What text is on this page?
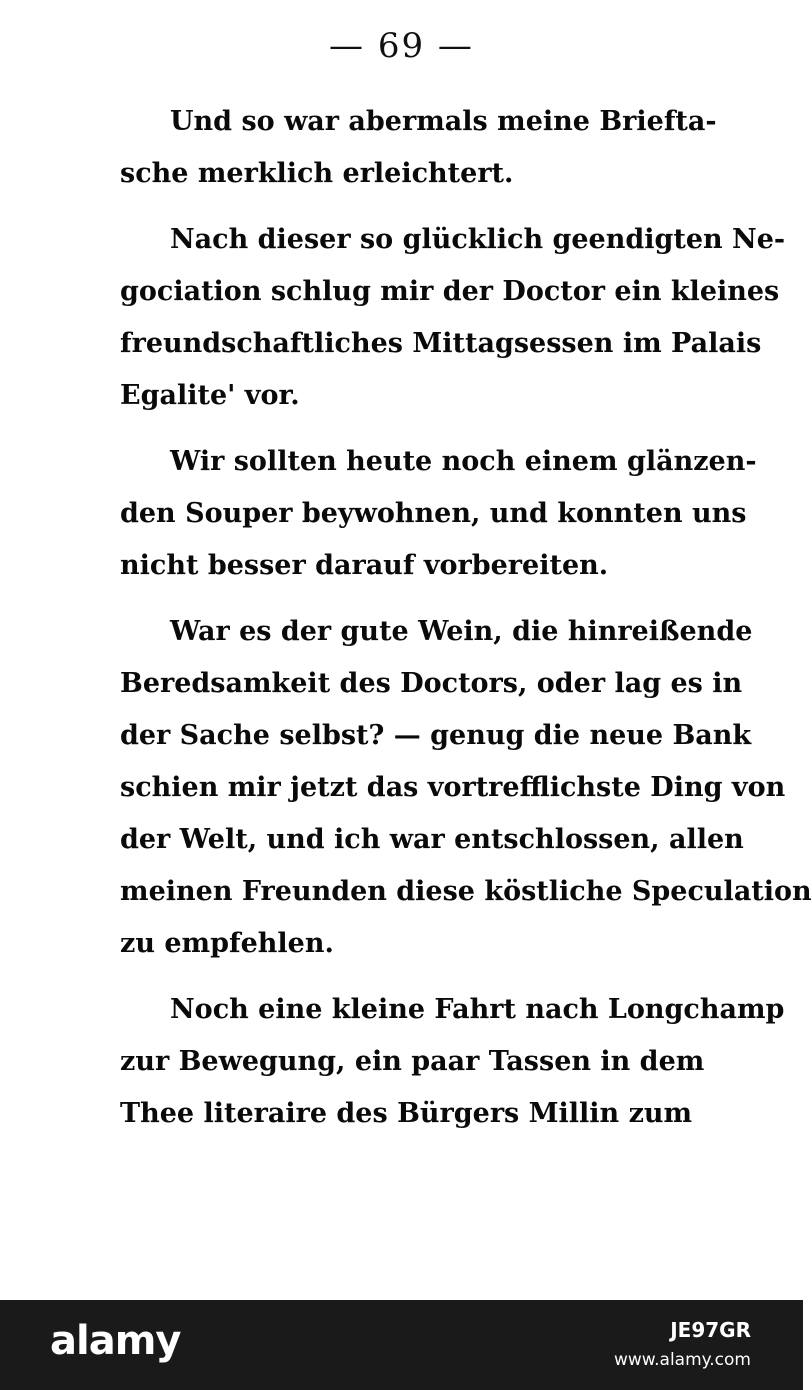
— 69 —
Und so war abermals meine Briefta-
sche merklich erleichtert.
Nach dieser so glücklich geendigten Ne-
gociation schlug mir der Doctor ein kleines
freundschaftliches Mittagsessen im Palais
Egalite' vor.
Wir sollten heute noch einem glänzen-
den Souper beywohnen, und konnten uns
nicht besser darauf vorbereiten.
War es der gute Wein, die hinreißende
Beredsamkeit des Doctors, oder lag es in
der Sache selbst? — genug die neue Bank
schien mir jetzt das vortrefflichste Ding von
der Welt, und ich war entschlossen, allen
meinen Freunden diese köstliche Speculation
zu empfehlen.
Noch eine kleine Fahrt nach Longchamp
zur Bewegung, ein paar Tassen in dem
Thee literaire des Bürgers Millin zum
alamy	JE97GR
www.alamy.com
